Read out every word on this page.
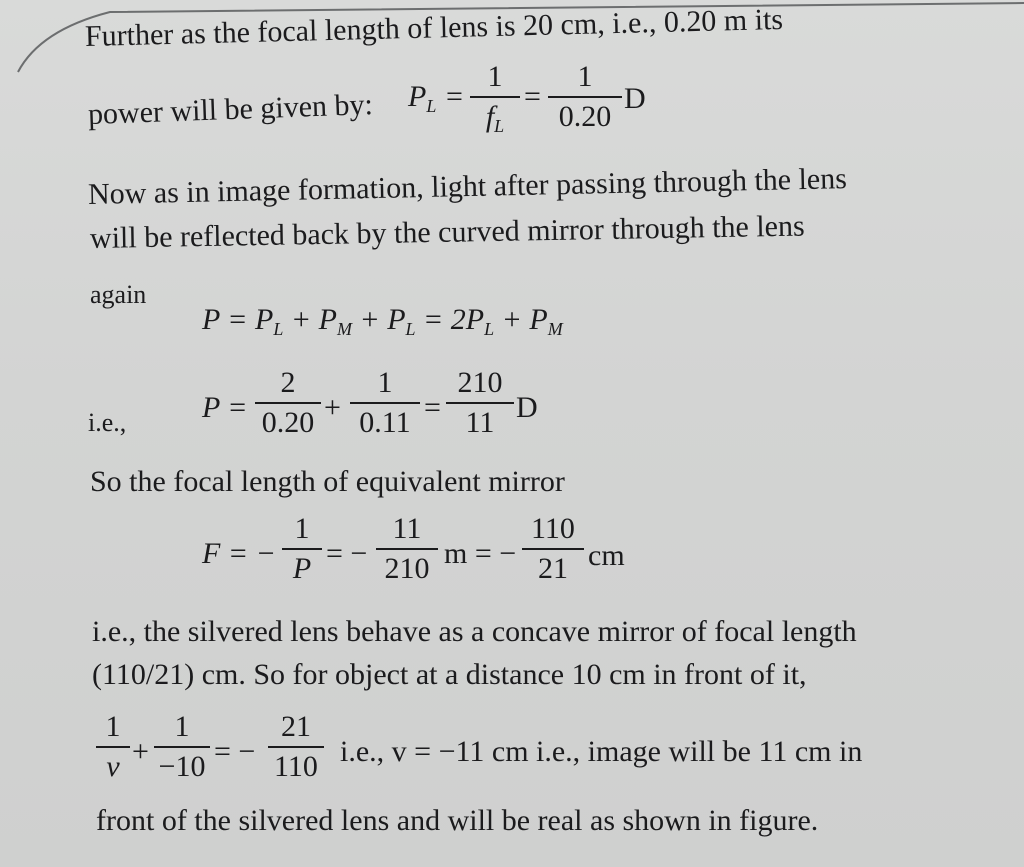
Further as the focal length of lens is 20 cm, i.e., 0.20 m its
power will be given by: $P_L$ =
1
$f_L$
=
1
0.20
D
Now as in image formation, light after passing through the lens
will be reflected back by the curved mirror through the lens
again
$P = P_L + P_M + P_L = 2P_L + P_M$
i.e.,	P =
2
0.20 +
1
0.11 =
210
11 D
So the focal length of equivalent mirror
F = −
1
P = −
11
210 m = −
110
21 cm
i.e., the silvered lens behave as a concave mirror of focal length
(110/21) cm. So for object at a distance 10 cm in front of it,
1
v +
1
−10 = −
21
110 i.e., v = −11 cm i.e., image will be 11 cm in
front of the silvered lens and will be real as shown in figure.
